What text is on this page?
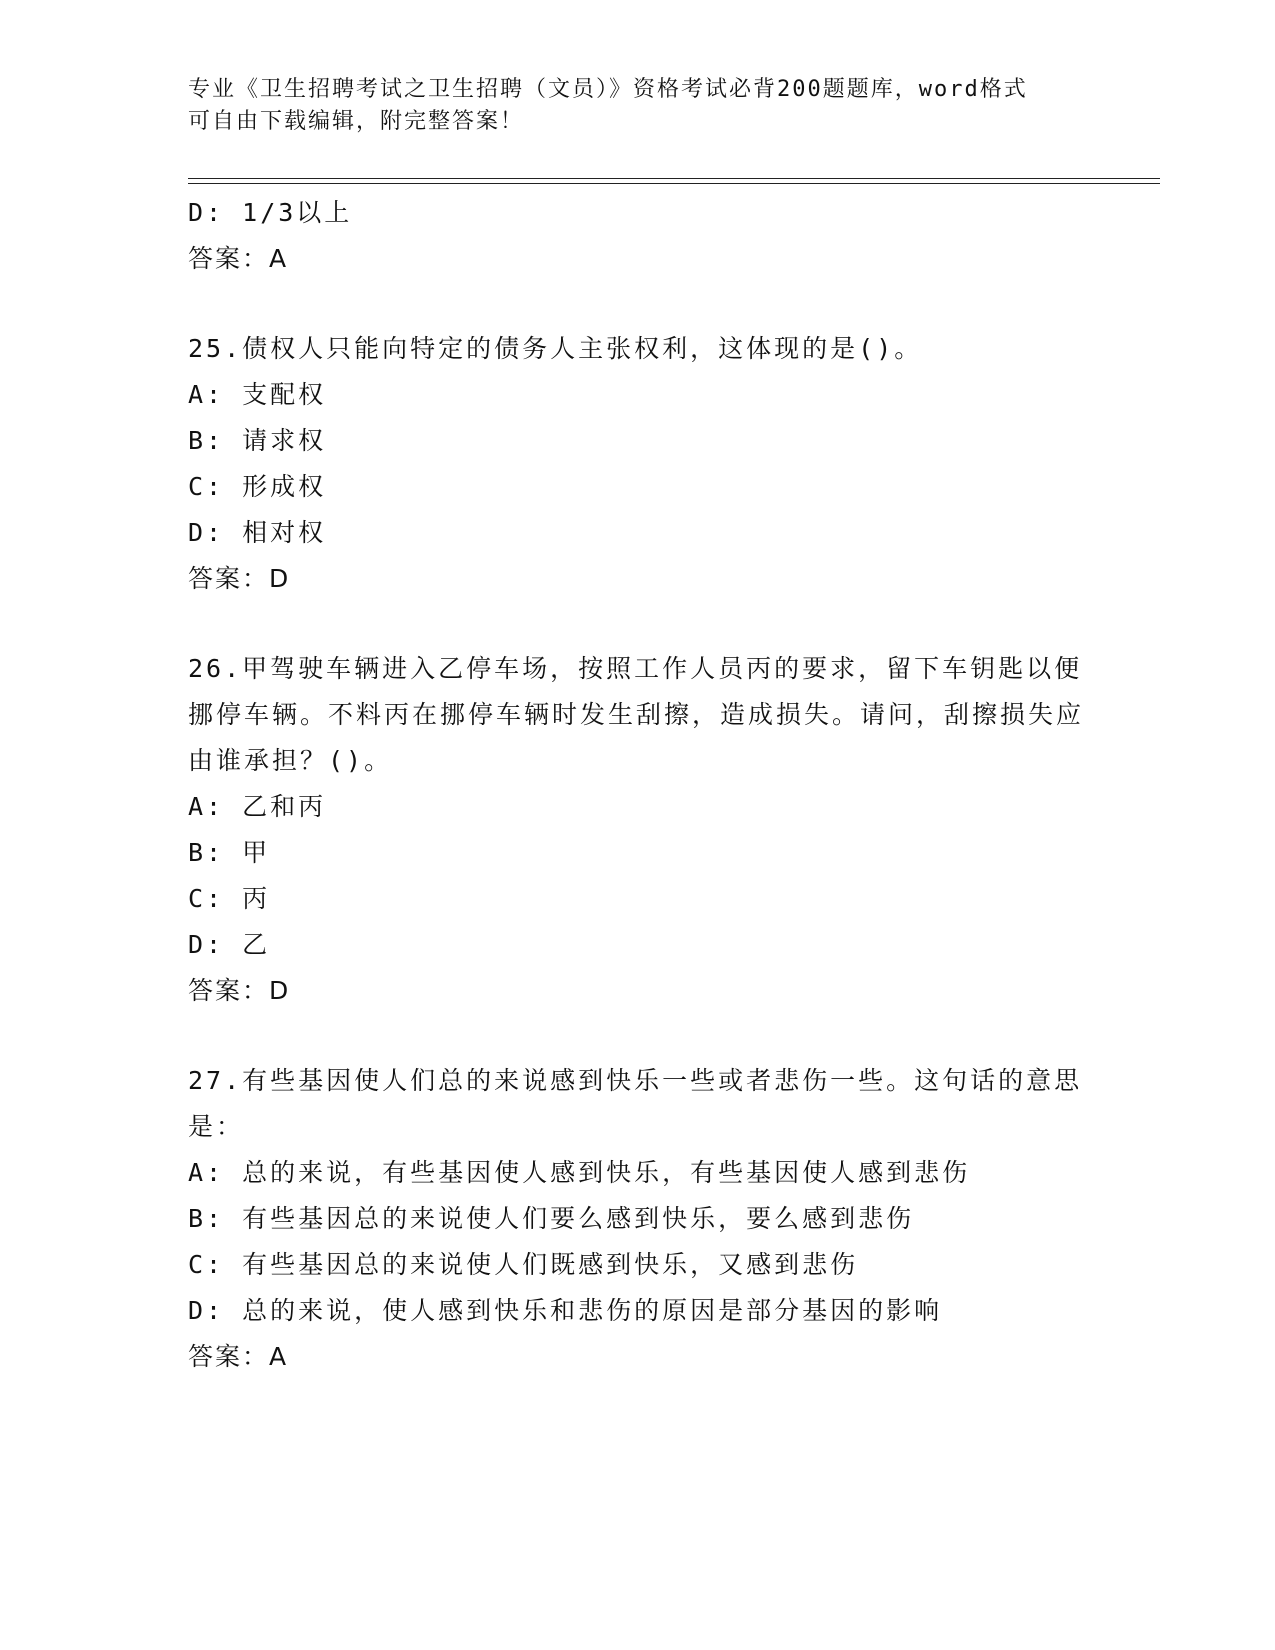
专业《卫生招聘考试之卫生招聘（文员）》资格考试必背200题题库，word格式
可自由下载编辑，附完整答案！
D: 1/3以上
答案：A
25.债权人只能向特定的债务人主张权利，这体现的是()。
A: 支配权
B: 请求权
C: 形成权
D: 相对权
答案：D
26.甲驾驶车辆进入乙停车场，按照工作人员丙的要求，留下车钥匙以便挪停车辆。不料丙在挪停车辆时发生刮擦，造成损失。请问，刮擦损失应由谁承担？()。
A: 乙和丙
B: 甲
C: 丙
D: 乙
答案：D
27.有些基因使人们总的来说感到快乐一些或者悲伤一些。这句话的意思是：
A: 总的来说，有些基因使人感到快乐，有些基因使人感到悲伤
B: 有些基因总的来说使人们要么感到快乐，要么感到悲伤
C: 有些基因总的来说使人们既感到快乐，又感到悲伤
D: 总的来说，使人感到快乐和悲伤的原因是部分基因的影响
答案：A
